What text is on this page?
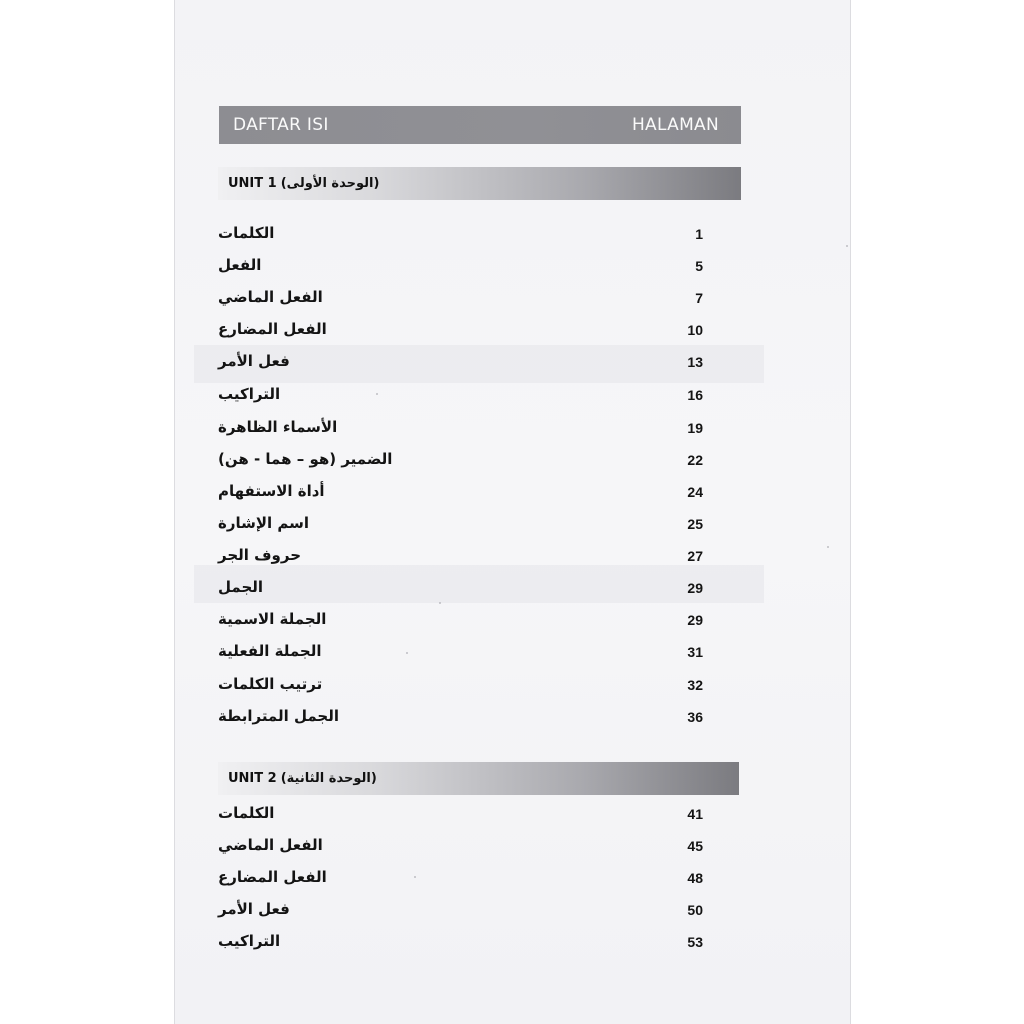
DAFTAR ISI	HALAMAN
UNIT 1 (الوحدة الأولى)
الكلمات	1
الفعل	5
الفعل الماضي	7
الفعل المضارع	10
فعل الأمر	13
التراكيب	16
الأسماء الظاهرة	19
الضمير (هو – هما - هن)	22
أداة الاستفهام	24
اسم الإشارة	25
حروف الجر	27
الجمل	29
الجملة الاسمية	29
الجملة الفعلية	31
ترتيب الكلمات	32
الجمل المترابطة	36
UNIT 2 (الوحدة الثانية)
الكلمات	41
الفعل الماضي	45
الفعل المضارع	48
فعل الأمر	50
التراكيب	53
